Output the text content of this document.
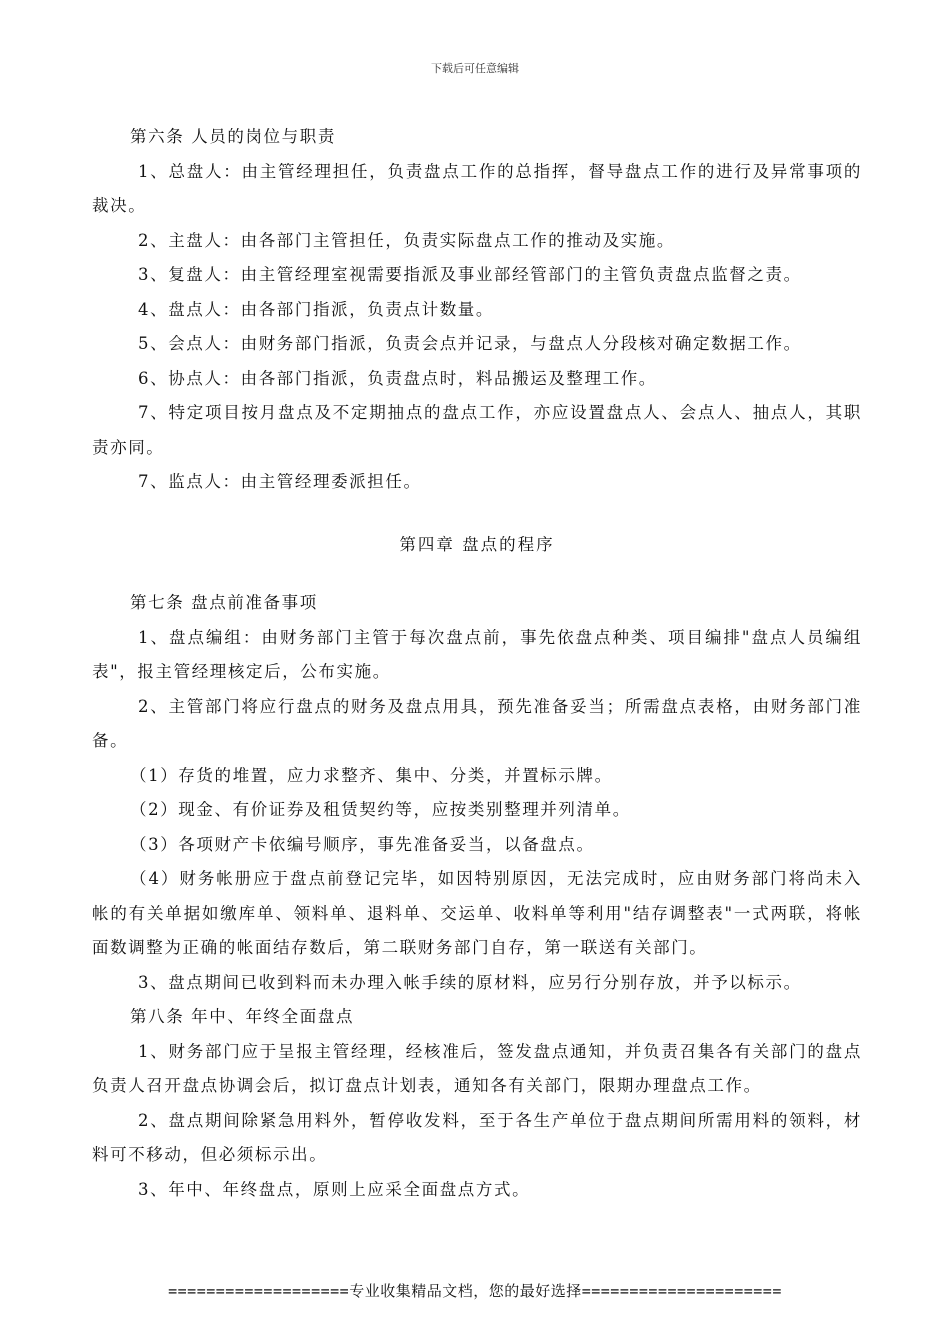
下载后可任意编辑

第六条 人员的岗位与职责

1、总盘人：由主管经理担任，负责盘点工作的总指挥，督导盘点工作的进行及异常事项的裁决。

2、主盘人：由各部门主管担任，负责实际盘点工作的推动及实施。

3、复盘人：由主管经理室视需要指派及事业部经管部门的主管负责盘点监督之责。

4、盘点人：由各部门指派，负责点计数量。

5、会点人：由财务部门指派，负责会点并记录，与盘点人分段核对确定数据工作。

6、协点人：由各部门指派，负责盘点时，料品搬运及整理工作。

7、特定项目按月盘点及不定期抽点的盘点工作，亦应设置盘点人、会点人、抽点人，其职责亦同。

7、监点人：由主管经理委派担任。

第四章 盘点的程序

第七条 盘点前准备事项

1、盘点编组：由财务部门主管于每次盘点前，事先依盘点种类、项目编排"盘点人员编组表"，报主管经理核定后，公布实施。

2、主管部门将应行盘点的财务及盘点用具，预先准备妥当；所需盘点表格，由财务部门准备。

（1）存货的堆置，应力求整齐、集中、分类，并置标示牌。

（2）现金、有价证券及租赁契约等，应按类别整理并列清单。

（3）各项财产卡依编号顺序，事先准备妥当，以备盘点。

（4）财务帐册应于盘点前登记完毕，如因特别原因，无法完成时，应由财务部门将尚未入帐的有关单据如缴库单、领料单、退料单、交运单、收料单等利用"结存调整表"一式两联，将帐面数调整为正确的帐面结存数后，第二联财务部门自存，第一联送有关部门。

3、盘点期间已收到料而未办理入帐手续的原材料，应另行分别存放，并予以标示。

第八条 年中、年终全面盘点

1、财务部门应于呈报主管经理，经核准后，签发盘点通知，并负责召集各有关部门的盘点负责人召开盘点协调会后，拟订盘点计划表，通知各有关部门，限期办理盘点工作。

2、盘点期间除紧急用料外，暂停收发料，至于各生产单位于盘点期间所需用料的领料，材料可不移动，但必须标示出。

3、年中、年终盘点，原则上应采全面盘点方式。

===================专业收集精品文档，您的最好选择=====================
